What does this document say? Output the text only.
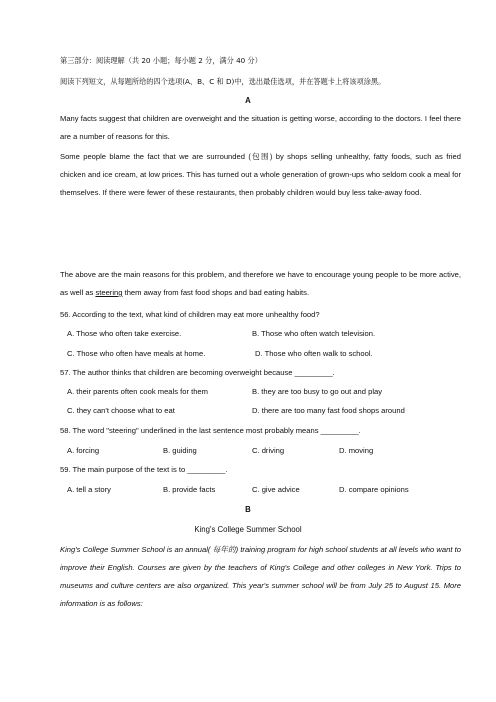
第三部分：阅读理解（共 20 小题；每小题 2 分，满分 40 分）
阅读下列短文，从每题所给的四个选项(A、B、C 和 D)中，选出最佳选项，并在答题卡上将该项涂黑。
A
Many facts suggest that children are overweight and the situation is getting worse, according to the doctors. I feel there are a number of reasons for this.
Some people blame the fact that we are surrounded (包围) by shops selling unhealthy, fatty foods, such as fried chicken and ice cream, at low prices. This has turned out a whole generation of grown-ups who seldom cook a meal for themselves. If there were fewer of these restaurants, then probably children would buy less take-away food.
The above are the main reasons for this problem, and therefore we have to encourage young people to be more active, as well as steering them away from fast food shops and bad eating habits.
56. According to the text, what kind of children may eat more unhealthy food?
A. Those who often take exercise.	B. Those who often watch television.
C. Those who often have meals at home.	D. Those who often walk to school.
57. The author thinks that children are becoming overweight because _________.
A. their parents often cook meals for them	B. they are too busy to go out and play
C. they can't choose what to eat	D. there are too many fast food shops around
58. The word "steering" underlined in the last sentence most probably means _________.
A. forcing	B. guiding	C. driving	D. moving
59. The main purpose of the text is to _________.
A. tell a story	B. provide facts	C. give advice	D. compare opinions
B
King's College Summer School
King's College Summer School is an annual( 每年的) training program for high school students at all levels who want to improve their English. Courses are given by the teachers of King's College and other colleges in New York. Trips to museums and culture centers are also organized. This year's summer school will be from July 25 to August 15. More information is as follows:
